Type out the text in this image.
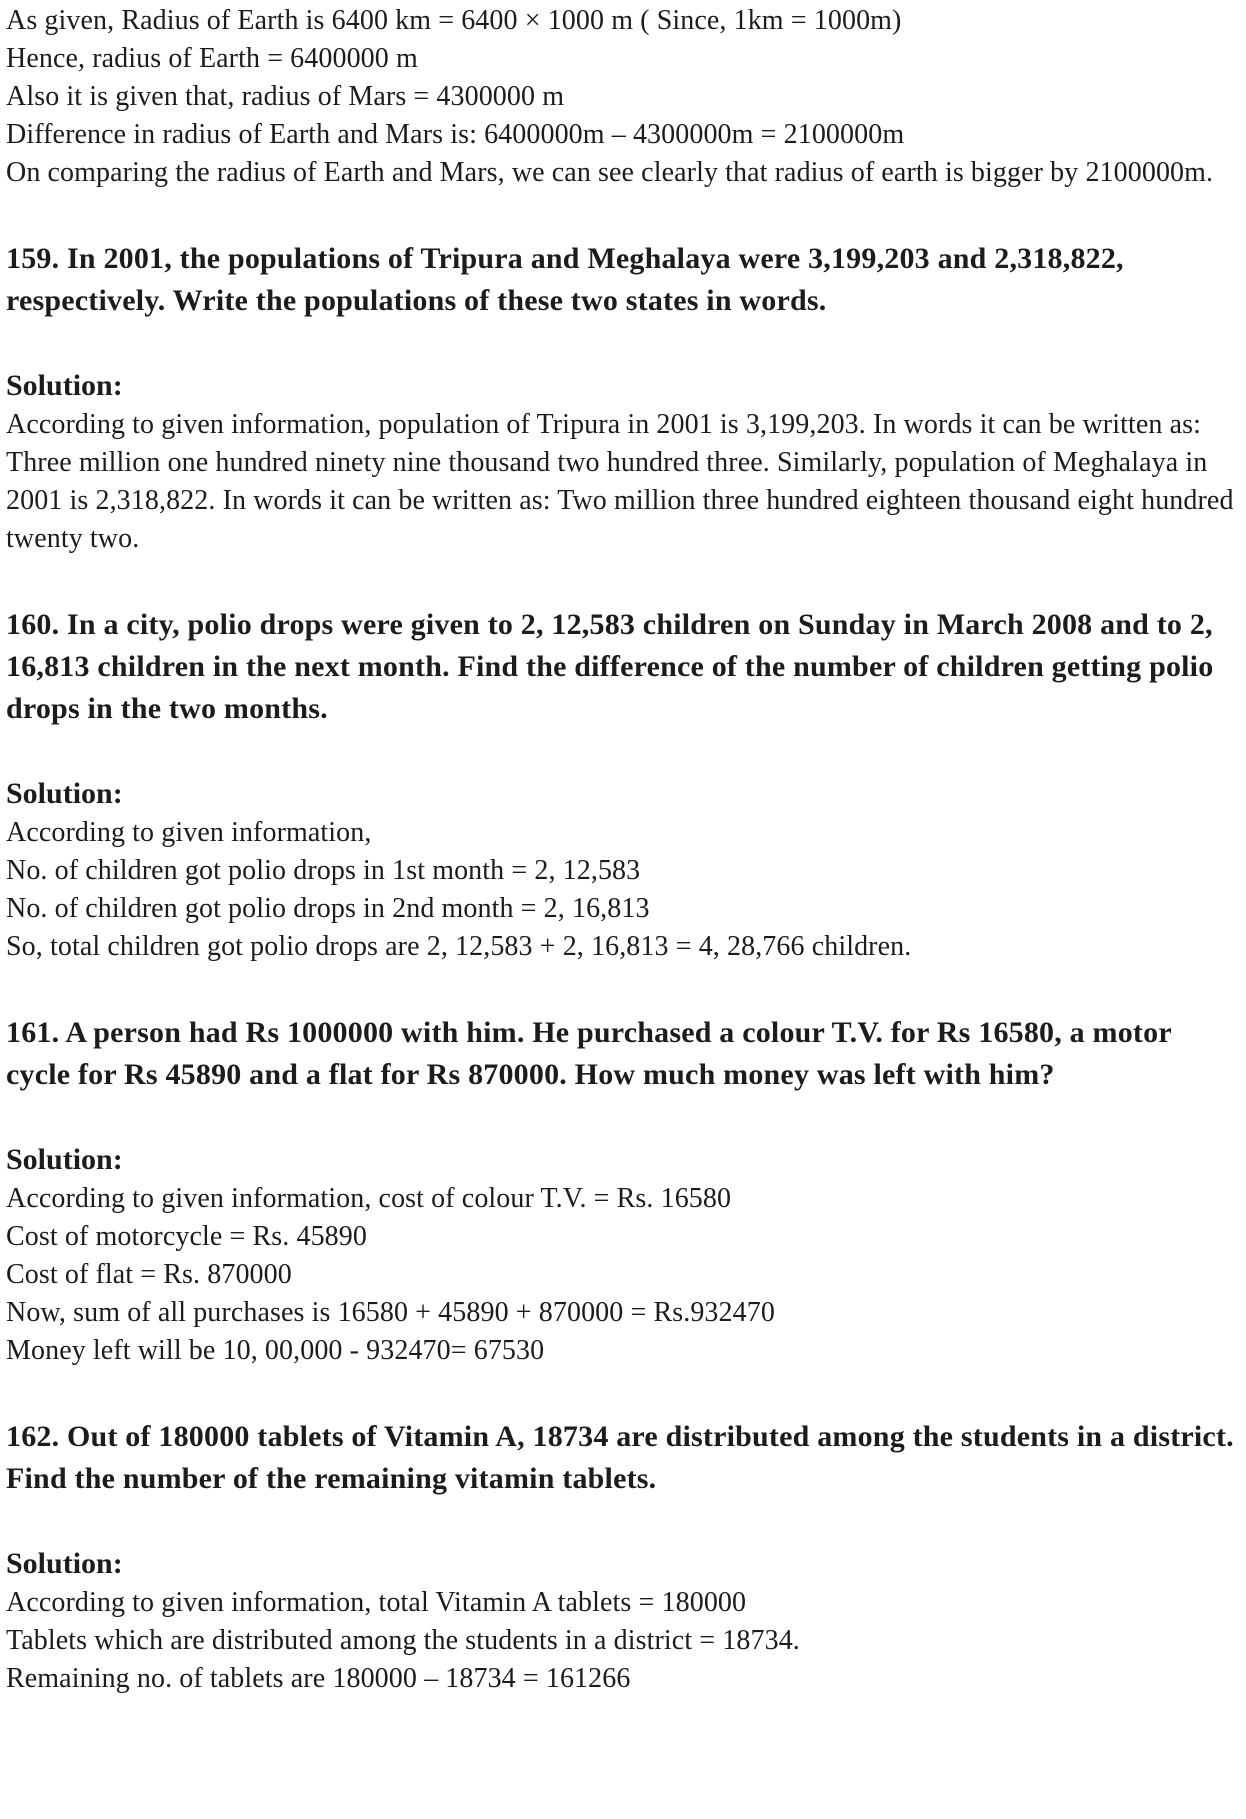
As given, Radius of Earth is 6400 km = 6400 × 1000 m ( Since, 1km = 1000m)

Hence, radius of Earth = 6400000 m

Also it is given that, radius of Mars = 4300000 m

Difference in radius of Earth and Mars is: 6400000m – 4300000m = 2100000m

On comparing the radius of Earth and Mars, we can see clearly that radius of earth is bigger by 2100000m.

159. In 2001, the populations of Tripura and Meghalaya were 3,199,203 and 2,318,822, respectively. Write the populations of these two states in words.
Solution:

According to given information, population of Tripura in 2001 is 3,199,203. In words it can be written as: Three million one hundred ninety nine thousand two hundred three. Similarly, population of Meghalaya in 2001 is 2,318,822. In words it can be written as: Two million three hundred eighteen thousand eight hundred twenty two.

160. In a city, polio drops were given to 2, 12,583 children on Sunday in March 2008 and to 2, 16,813 children in the next month. Find the difference of the number of children getting polio drops in the two months.
Solution:

According to given information,

No. of children got polio drops in 1st month = 2, 12,583

No. of children got polio drops in 2nd month = 2, 16,813

So, total children got polio drops are 2, 12,583 + 2, 16,813 = 4, 28,766 children.

161. A person had Rs 1000000 with him. He purchased a colour T.V. for Rs 16580, a motor cycle for Rs 45890 and a flat for Rs 870000. How much money was left with him?
Solution:

According to given information, cost of colour T.V. = Rs. 16580

Cost of motorcycle = Rs. 45890

Cost of flat = Rs. 870000

Now, sum of all purchases is 16580 + 45890 + 870000 = Rs.932470

Money left will be 10, 00,000 - 932470= 67530

162. Out of 180000 tablets of Vitamin A, 18734 are distributed among the students in a district. Find the number of the remaining vitamin tablets.
Solution:

According to given information, total Vitamin A tablets = 180000

Tablets which are distributed among the students in a district = 18734.

Remaining no. of tablets are 180000 – 18734 = 161266
